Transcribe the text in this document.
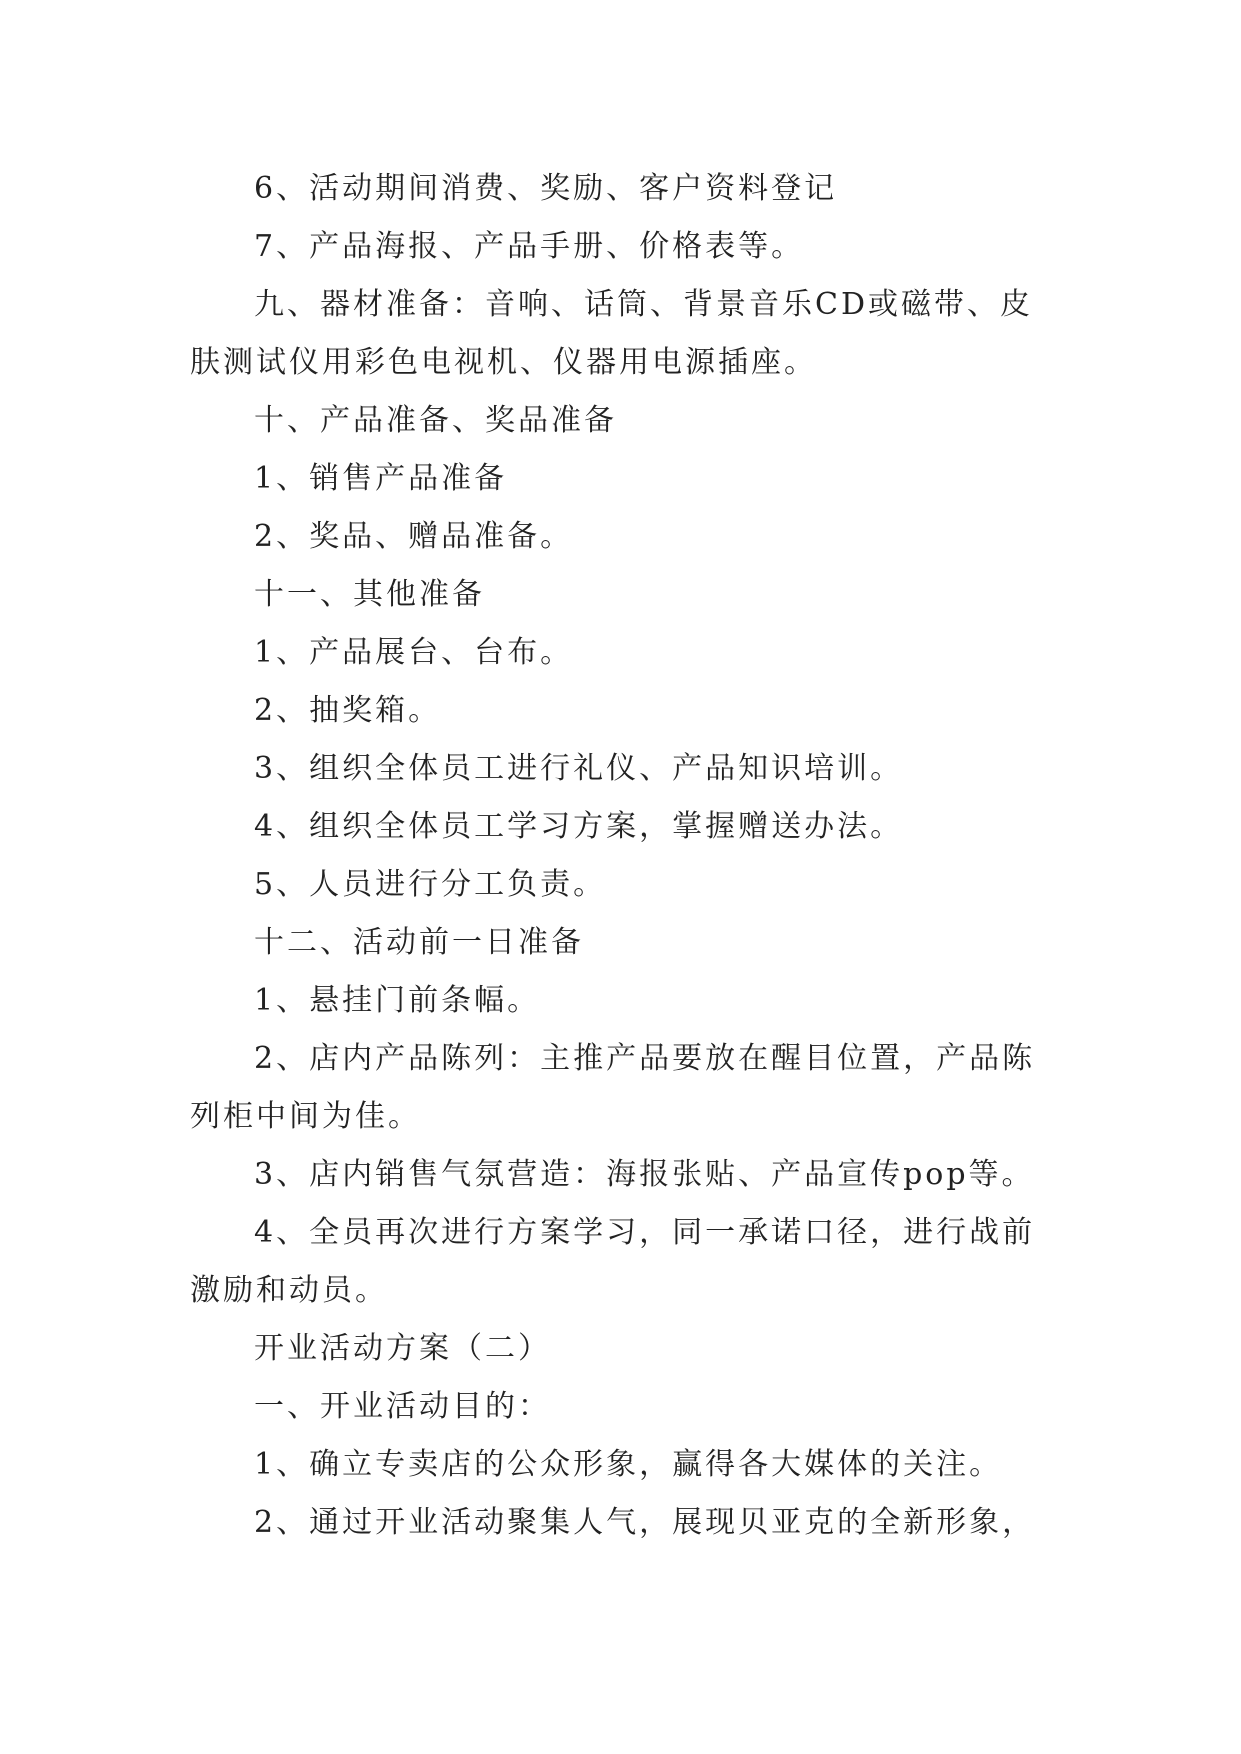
6、活动期间消费、奖励、客户资料登记

7、产品海报、产品手册、价格表等。

九、器材准备：音响、话筒、背景音乐CD或磁带、皮肤测试仪用彩色电视机、仪器用电源插座。

十、产品准备、奖品准备

1、销售产品准备

2、奖品、赠品准备。

十一、其他准备

1、产品展台、台布。

2、抽奖箱。

3、组织全体员工进行礼仪、产品知识培训。

4、组织全体员工学习方案，掌握赠送办法。

5、人员进行分工负责。

十二、活动前一日准备

1、悬挂门前条幅。

2、店内产品陈列：主推产品要放在醒目位置，产品陈列柜中间为佳。

3、店内销售气氛营造：海报张贴、产品宣传pop等。

4、全员再次进行方案学习，同一承诺口径，进行战前激励和动员。

开业活动方案（二）

一、开业活动目的：

1、确立专卖店的公众形象，赢得各大媒体的关注。

2、通过开业活动聚集人气，展现贝亚克的全新形象，
